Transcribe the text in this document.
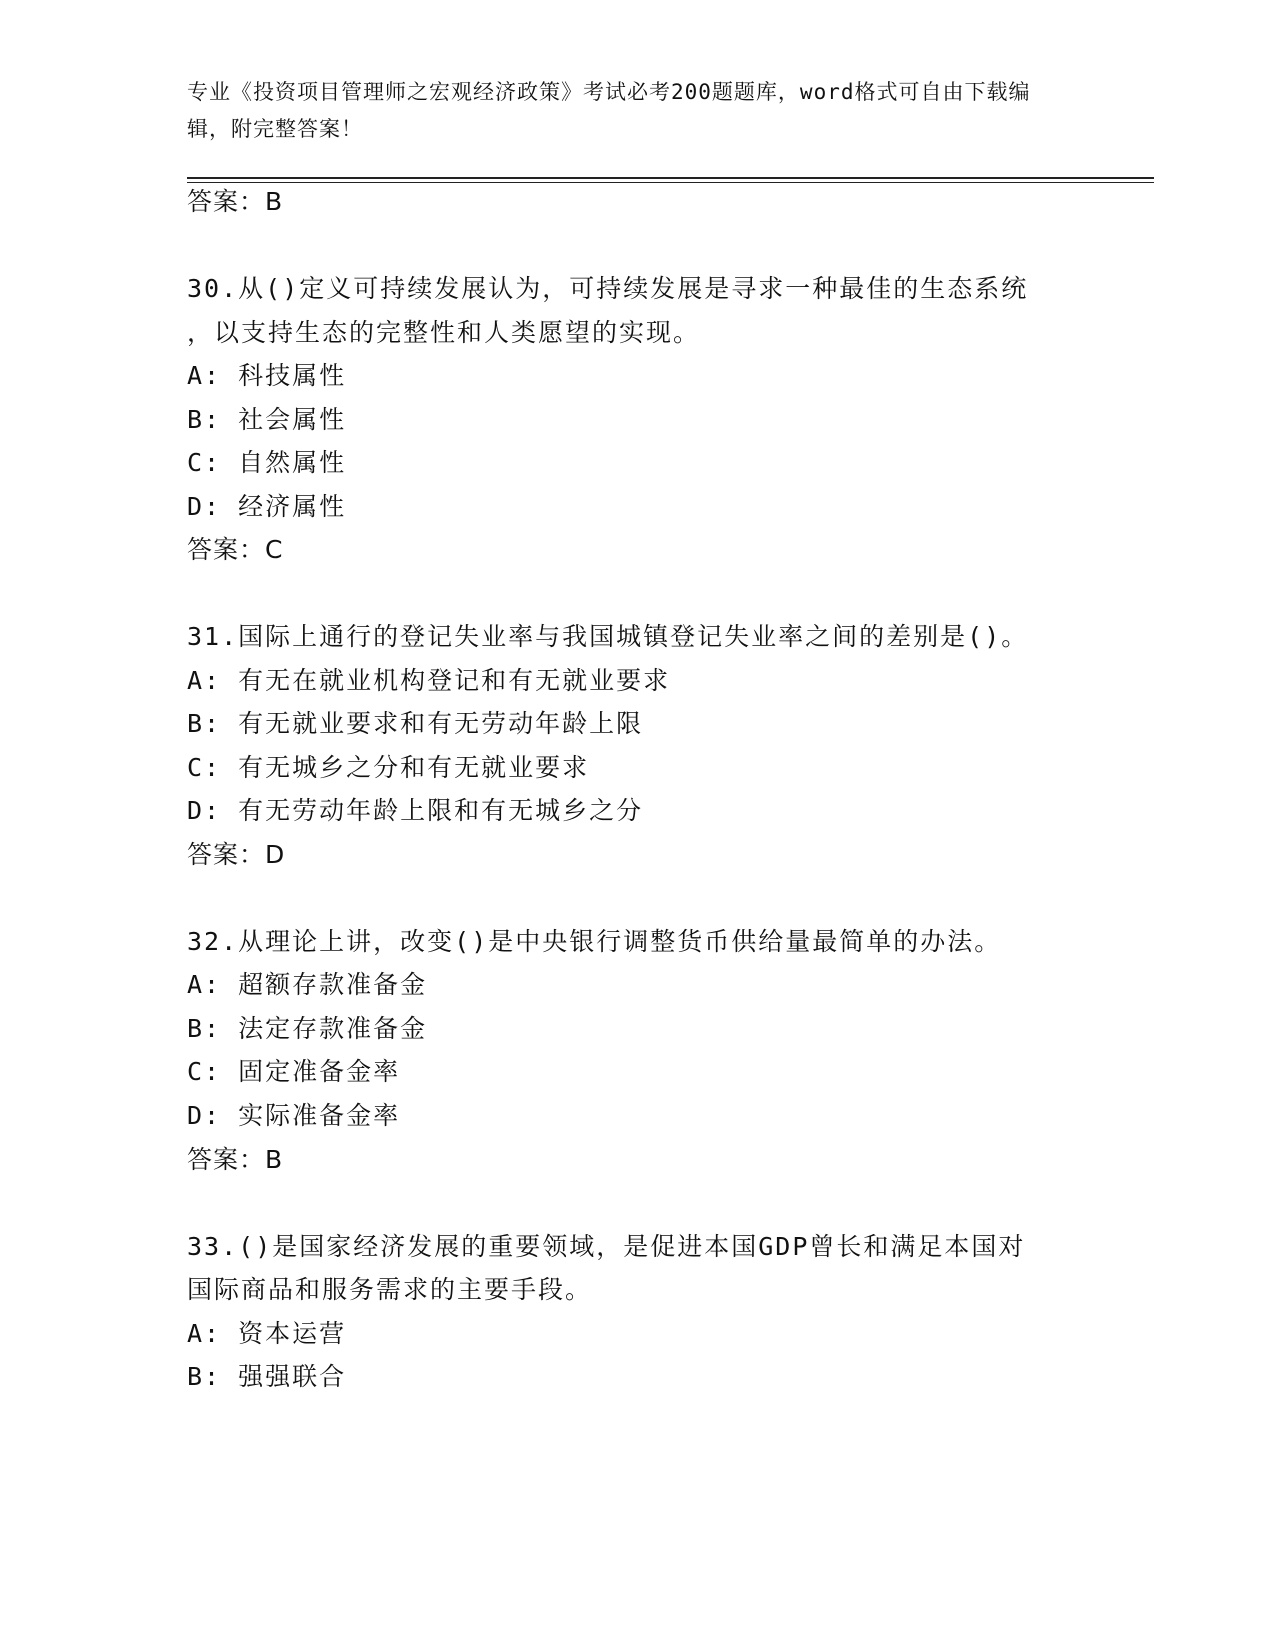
专业《投资项目管理师之宏观经济政策》考试必考200题题库，word格式可自由下载编辑，附完整答案！
答案：B
30.从()定义可持续发展认为，可持续发展是寻求一种最佳的生态系统
，以支持生态的完整性和人类愿望的实现。
A: 科技属性
B: 社会属性
C: 自然属性
D: 经济属性
答案：C
31.国际上通行的登记失业率与我国城镇登记失业率之间的差别是()。
A: 有无在就业机构登记和有无就业要求
B: 有无就业要求和有无劳动年龄上限
C: 有无城乡之分和有无就业要求
D: 有无劳动年龄上限和有无城乡之分
答案：D
32.从理论上讲，改变()是中央银行调整货币供给量最简单的办法。
A: 超额存款准备金
B: 法定存款准备金
C: 固定准备金率
D: 实际准备金率
答案：B
33.()是国家经济发展的重要领域，是促进本国GDP曾长和满足本国对
国际商品和服务需求的主要手段。
A: 资本运营
B: 强强联合
